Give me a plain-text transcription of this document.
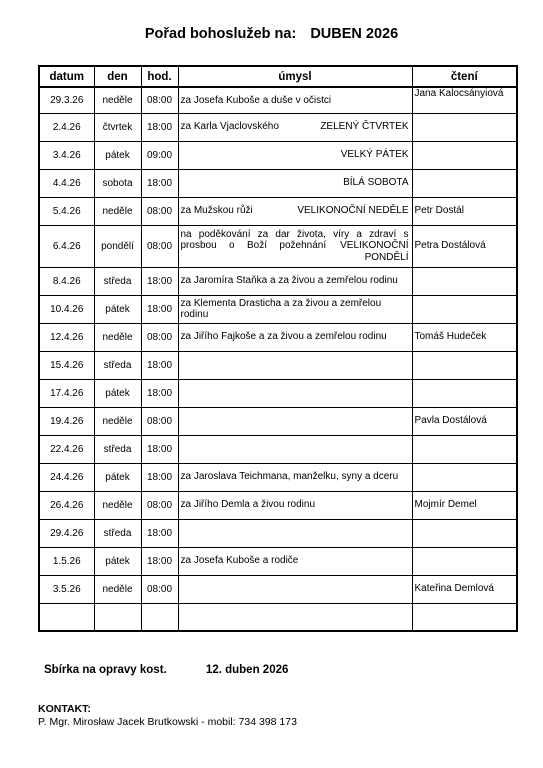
Pořad bohoslužeb na: DUBEN 2026
datum	den	hod.	úmysl	čtení
29.3.26	neděle	08:00	za Josefa Kuboše a duše v očistci	Jana Kalocsányiová
2.4.26	čtvrtek	18:00	za Karla Vjaclovského ZELENÝ ČTVRTEK	

3.4.26	pátek	09:00	VELKÝ PÁTEK	

4.4.26	sobota	18:00	BÍLÁ SOBOTA	

5.4.26	neděle	08:00	za Mužskou růži VELIKONOČNÍ NEDĚLE	Petr Dostál
6.4.26	pondělí	08:00	na poděkování za dar života, víry a zdraví s prosbou o Boží požehnání VELIKONOČNÍ PONDĚLÍ	Petra Dostálová
8.4.26	středa	18:00	za Jaromíra Staňka a za živou a zemřelou rodinu	
10.4.26	pátek	18:00	za Klementa Drasticha a za živou a zemřelou rodinu	
12.4.26	neděle	08:00	za Jiřího Fajkoše a za živou a zemřelou rodinu	Tomáš Hudeček
15.4.26	středa	18:00		
17.4.26	pátek	18:00		
19.4.26	neděle	08:00		Pavla Dostálová
22.4.26	středa	18:00		
24.4.26	pátek	18:00	za Jaroslava Teichmana, manželku, syny a dceru	
26.4.26	neděle	08:00	za Jiřího Demla a živou rodinu	Mojmír Demel
29.4.26	středa	18:00		
1.5.26	pátek	18:00	za Josefa Kuboše a rodiče	
3.5.26	neděle	08:00		Kateřina Demlová

Sbírka na opravy kost.	12. duben 2026
KONTAKT:
P. Mgr. Mirosław Jacek Brutkowski - mobil: 734 398 173
